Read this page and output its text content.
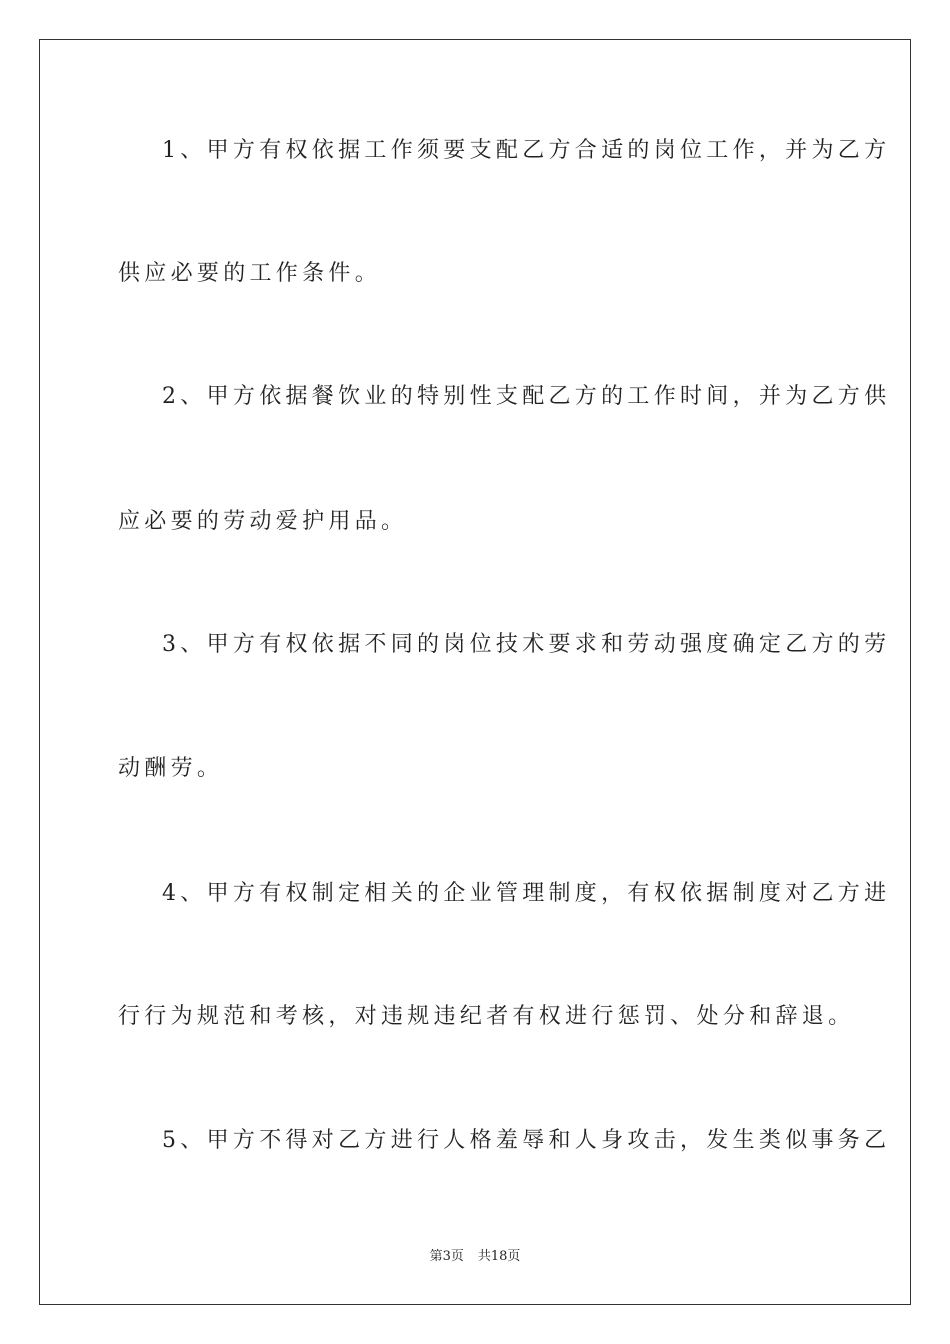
1、甲方有权依据工作须要支配乙方合适的岗位工作，并为乙方
供应必要的工作条件。
2、甲方依据餐饮业的特别性支配乙方的工作时间，并为乙方供
应必要的劳动爱护用品。
3、甲方有权依据不同的岗位技术要求和劳动强度确定乙方的劳
动酬劳。
4、甲方有权制定相关的企业管理制度，有权依据制度对乙方进
行行为规范和考核，对违规违纪者有权进行惩罚、处分和辞退。
5、甲方不得对乙方进行人格羞辱和人身攻击，发生类似事务乙
第3页 共18页
